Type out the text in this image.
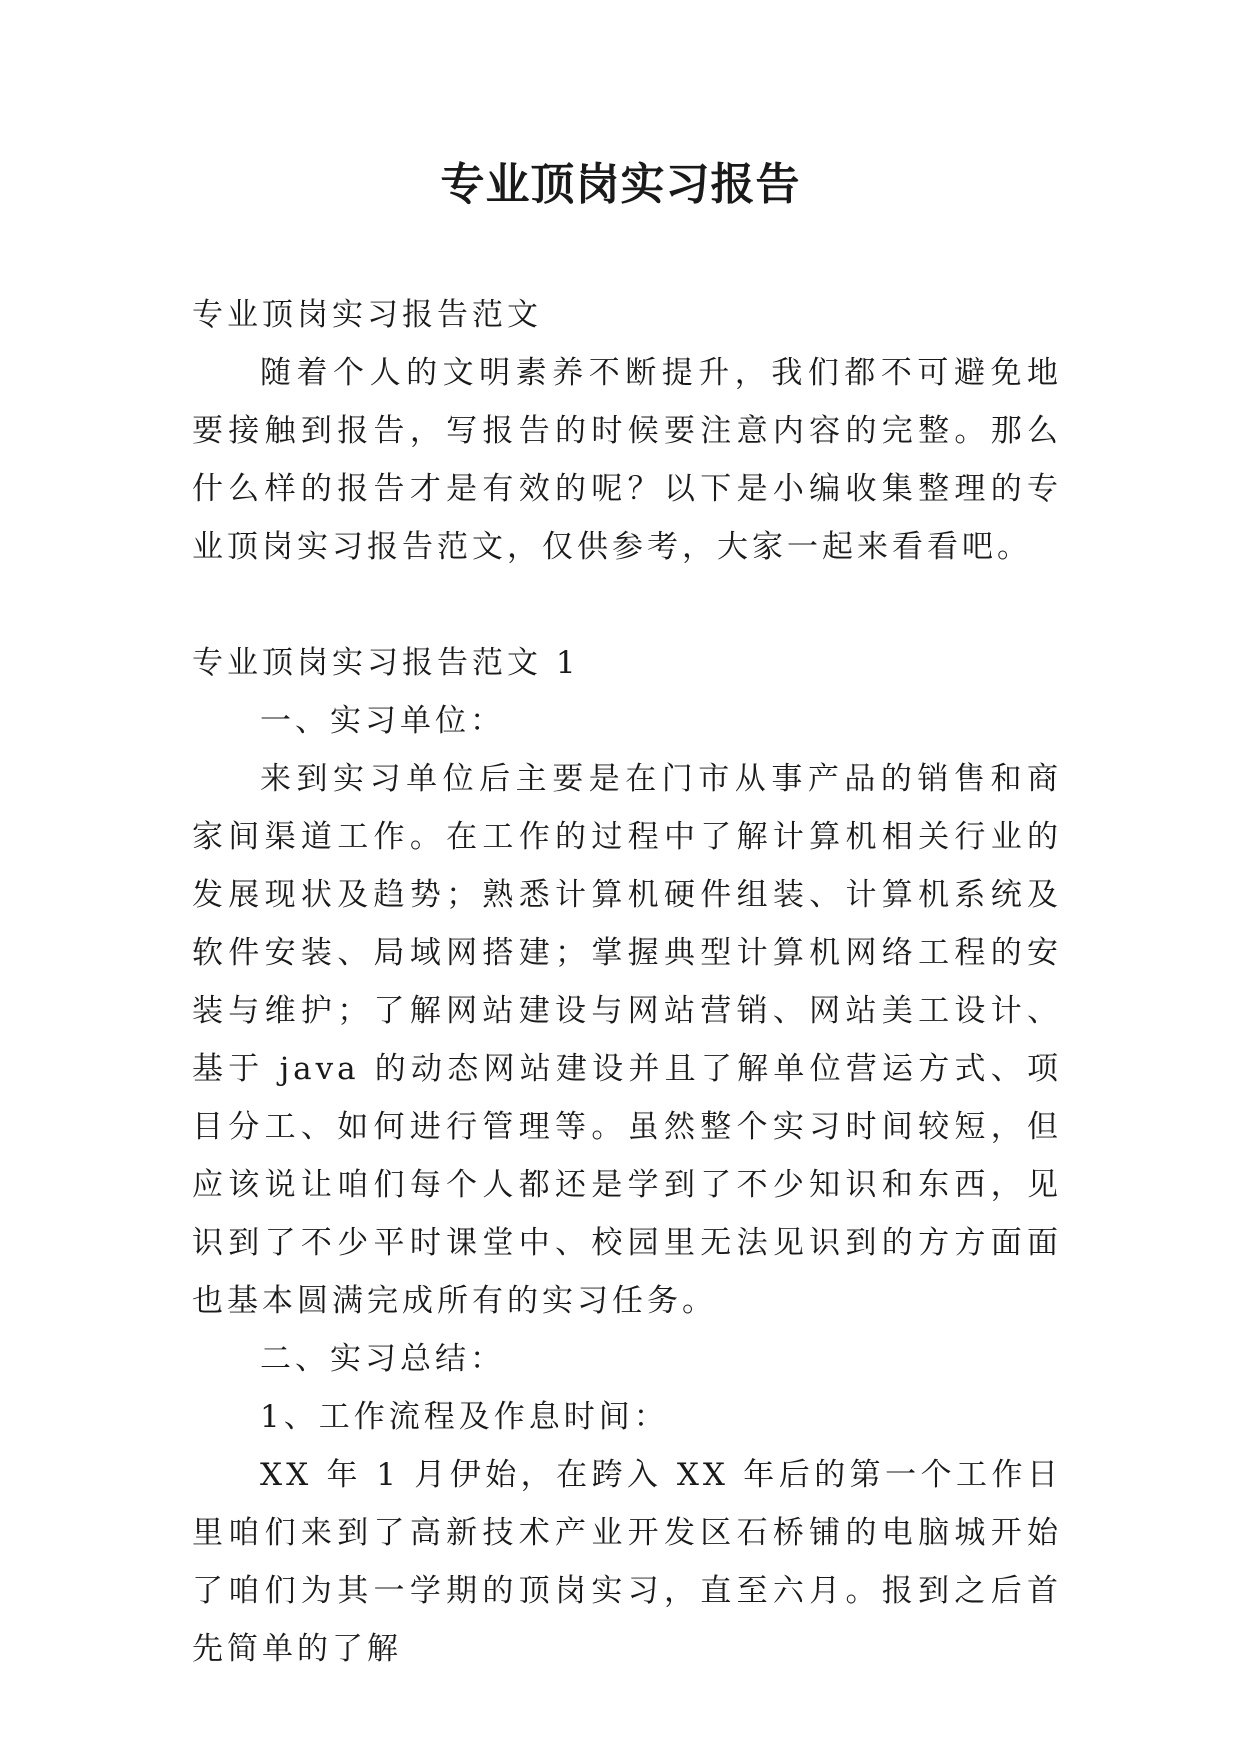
专业顶岗实习报告

专业顶岗实习报告范文

随着个人的文明素养不断提升，我们都不可避免地要接触到报告，写报告的时候要注意内容的完整。那么什么样的报告才是有效的呢？以下是小编收集整理的专业顶岗实习报告范文，仅供参考，大家一起来看看吧。

专业顶岗实习报告范文 1

一、实习单位：

来到实习单位后主要是在门市从事产品的销售和商家间渠道工作。在工作的过程中了解计算机相关行业的发展现状及趋势；熟悉计算机硬件组装、计算机系统及软件安装、局域网搭建；掌握典型计算机网络工程的安装与维护；了解网站建设与网站营销、网站美工设计、基于 java 的动态网站建设并且了解单位营运方式、项目分工、如何进行管理等。虽然整个实习时间较短，但应该说让咱们每个人都还是学到了不少知识和东西，见识到了不少平时课堂中、校园里无法见识到的方方面面也基本圆满完成所有的实习任务。

二、实习总结：

1、工作流程及作息时间：

XX 年 1 月伊始，在跨入 XX 年后的第一个工作日里咱们来到了高新技术产业开发区石桥铺的电脑城开始了咱们为其一学期的顶岗实习，直至六月。报到之后首先简单的了解
